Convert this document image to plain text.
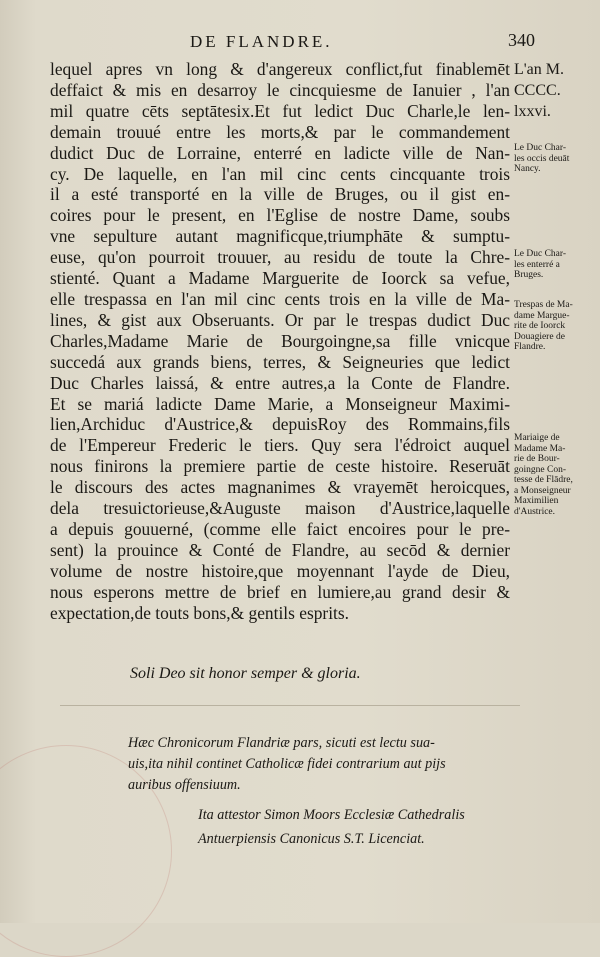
DE FLANDRE.	340
lequel apres vn long & d'angereux conflict,fut finablemēt
deffaict & mis en desarroy le cincquiesme de Ianuier , l'an
mil quatre cēts septātesix.Et fut ledict Duc Charle,le len-
demain trouué entre les morts,& par le commandement
dudict Duc de Lorraine, enterré en ladicte ville de Nan-
cy. De laquelle, en l'an mil cinc cents cincquante trois
il a esté transporté en la ville de Bruges, ou il gist en-
coires pour le present, en l'Eglise de nostre Dame, soubs
vne sepulture autant magnificque,triumphāte & sumptu-
euse, qu'on pourroit trouuer, au residu de toute la Chre-
stienté. Quant a Madame Marguerite de Ioorck sa vefue,
elle trespassa en l'an mil cinc cents trois en la ville de Ma-
lines, & gist aux Obseruants. Or par le trespas dudict Duc
Charles,Madame Marie de Bourgoingne,sa fille vnicque
succedá aux grands biens, terres, & Seigneuries que ledict
Duc Charles laissá, & entre autres,a la Conte de Flandre.
Et se mariá ladicte Dame Marie, a Monseigneur Maximi-
lien,Archiduc d'Austrice,& depuisRoy des Rommains,fils
de l'Empereur Frederic le tiers. Quy sera l'édroict auquel
nous finirons la premiere partie de ceste histoire. Reseruāt
le discours des actes magnanimes & vrayemēt heroicques,
dela tresuictorieuse,&Auguste maison d'Austrice,laquelle
a depuis gouuerné, (comme elle faict encoires pour le pre-
sent) la prouince & Conté de Flandre, au secōd & dernier
volume de nostre histoire,que moyennant l'ayde de Dieu,
nous esperons mettre de brief en lumiere,au grand desir &
expectation,de touts bons,& gentils esprits.
L'an M.
CCCC.
lxxvi.
Le Duc Char-
les occis deuāt
Nancy.
Le Duc Char-
les enterré a
Bruges.
Trespas de Ma-
dame Margue-
rite de Ioorck
Douagiere de
Flandre.
Mariaige de
Madame Ma-
rie de Bour-
goingne Con-
tesse de Flādre,
a Monseigneur
Maximilien
d'Austrice.
Soli Deo sit honor semper & gloria.
Hæc Chronicorum Flandriæ pars, sicuti est lectu sua-
uis,ita nihil continet Catholicæ fidei contrarium aut pijs
auribus offensiuum.
Ita attestor Simon Moors Ecclesiæ Cathedralis
Antuerpiensis Canonicus S.T. Licenciat.
